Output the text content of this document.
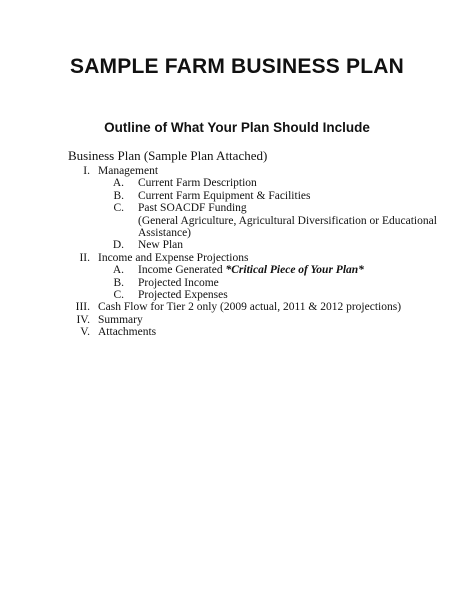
SAMPLE FARM BUSINESS PLAN
Outline of What Your Plan Should Include
Business Plan (Sample Plan Attached)
I. Management
A. Current Farm Description
B. Current Farm Equipment & Facilities
C. Past SOACDF Funding
(General Agriculture, Agricultural Diversification or Educational Assistance)
D. New Plan
II. Income and Expense Projections
A. Income Generated *Critical Piece of Your Plan*
B. Projected Income
C. Projected Expenses
III. Cash Flow for Tier 2 only (2009 actual, 2011 & 2012 projections)
IV. Summary
V. Attachments
